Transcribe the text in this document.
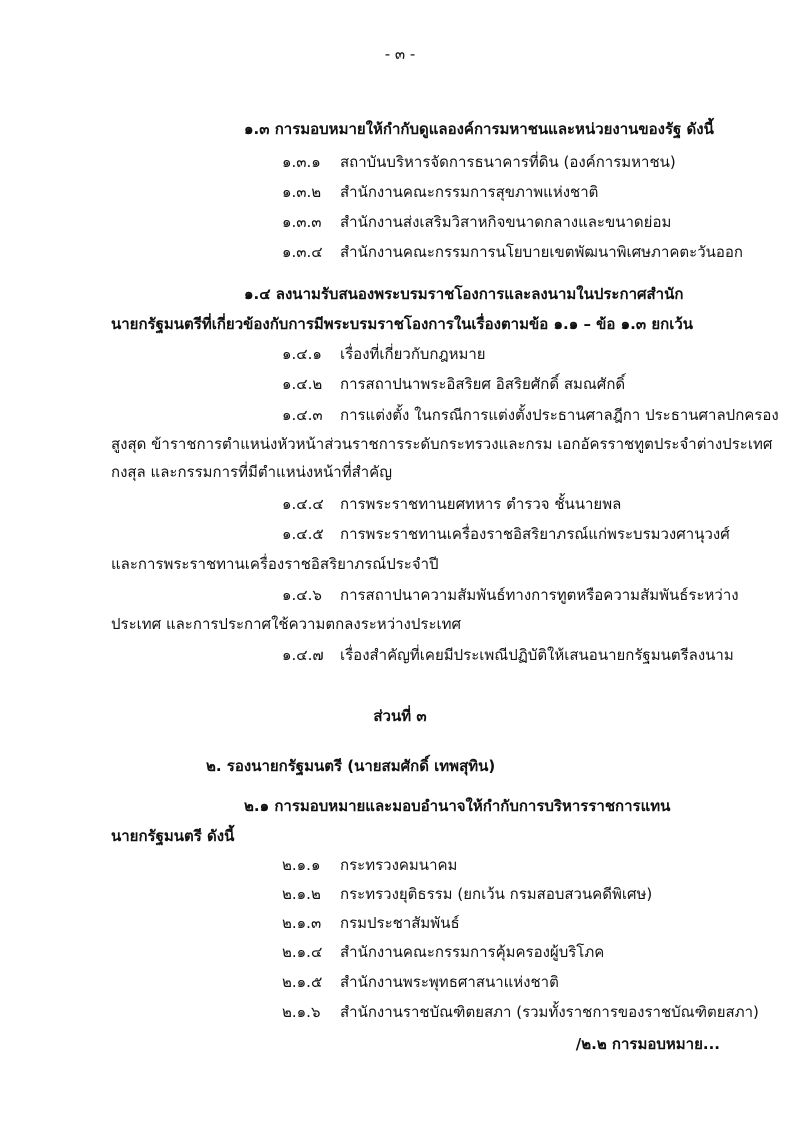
- ๓ -
๑.๓ การมอบหมายให้กำกับดูแลองค์การมหาชนและหน่วยงานของรัฐ ดังนี้
๑.๓.๑ สถาบันบริหารจัดการธนาคารที่ดิน (องค์การมหาชน)
๑.๓.๒ สำนักงานคณะกรรมการสุขภาพแห่งชาติ
๑.๓.๓ สำนักงานส่งเสริมวิสาหกิจขนาดกลางและขนาดย่อม
๑.๓.๔ สำนักงานคณะกรรมการนโยบายเขตพัฒนาพิเศษภาคตะวันออก
๑.๔ ลงนามรับสนองพระบรมราชโองการและลงนามในประกาศสำนัก
นายกรัฐมนตรีที่เกี่ยวข้องกับการมีพระบรมราชโองการในเรื่องตามข้อ ๑.๑ – ข้อ ๑.๓ ยกเว้น
๑.๔.๑ เรื่องที่เกี่ยวกับกฎหมาย
๑.๔.๒ การสถาปนาพระอิสริยศ อิสริยศักดิ์ สมณศักดิ์
๑.๔.๓ การแต่งตั้ง ในกรณีการแต่งตั้งประธานศาลฎีกา ประธานศาลปกครอง
สูงสุด ข้าราชการตำแหน่งหัวหน้าส่วนราชการระดับกระทรวงและกรม เอกอัครราชทูตประจำต่างประเทศ
กงสุล และกรรมการที่มีตำแหน่งหน้าที่สำคัญ
๑.๔.๔ การพระราชทานยศทหาร ตำรวจ ชั้นนายพล
๑.๔.๕ การพระราชทานเครื่องราชอิสริยาภรณ์แก่พระบรมวงศานุวงศ์
และการพระราชทานเครื่องราชอิสริยาภรณ์ประจำปี
๑.๔.๖ การสถาปนาความสัมพันธ์ทางการทูตหรือความสัมพันธ์ระหว่าง
ประเทศ และการประกาศใช้ความตกลงระหว่างประเทศ
๑.๔.๗ เรื่องสำคัญที่เคยมีประเพณีปฏิบัติให้เสนอนายกรัฐมนตรีลงนาม
ส่วนที่ ๓
๒. รองนายกรัฐมนตรี (นายสมศักดิ์ เทพสุทิน)
๒.๑ การมอบหมายและมอบอำนาจให้กำกับการบริหารราชการแทน
นายกรัฐมนตรี ดังนี้
๒.๑.๑ กระทรวงคมนาคม
๒.๑.๒ กระทรวงยุติธรรม (ยกเว้น กรมสอบสวนคดีพิเศษ)
๒.๑.๓ กรมประชาสัมพันธ์
๒.๑.๔ สำนักงานคณะกรรมการคุ้มครองผู้บริโภค
๒.๑.๕ สำนักงานพระพุทธศาสนาแห่งชาติ
๒.๑.๖ สำนักงานราชบัณฑิตยสภา (รวมทั้งราชการของราชบัณฑิตยสภา)
/๒.๒ การมอบหมาย...
